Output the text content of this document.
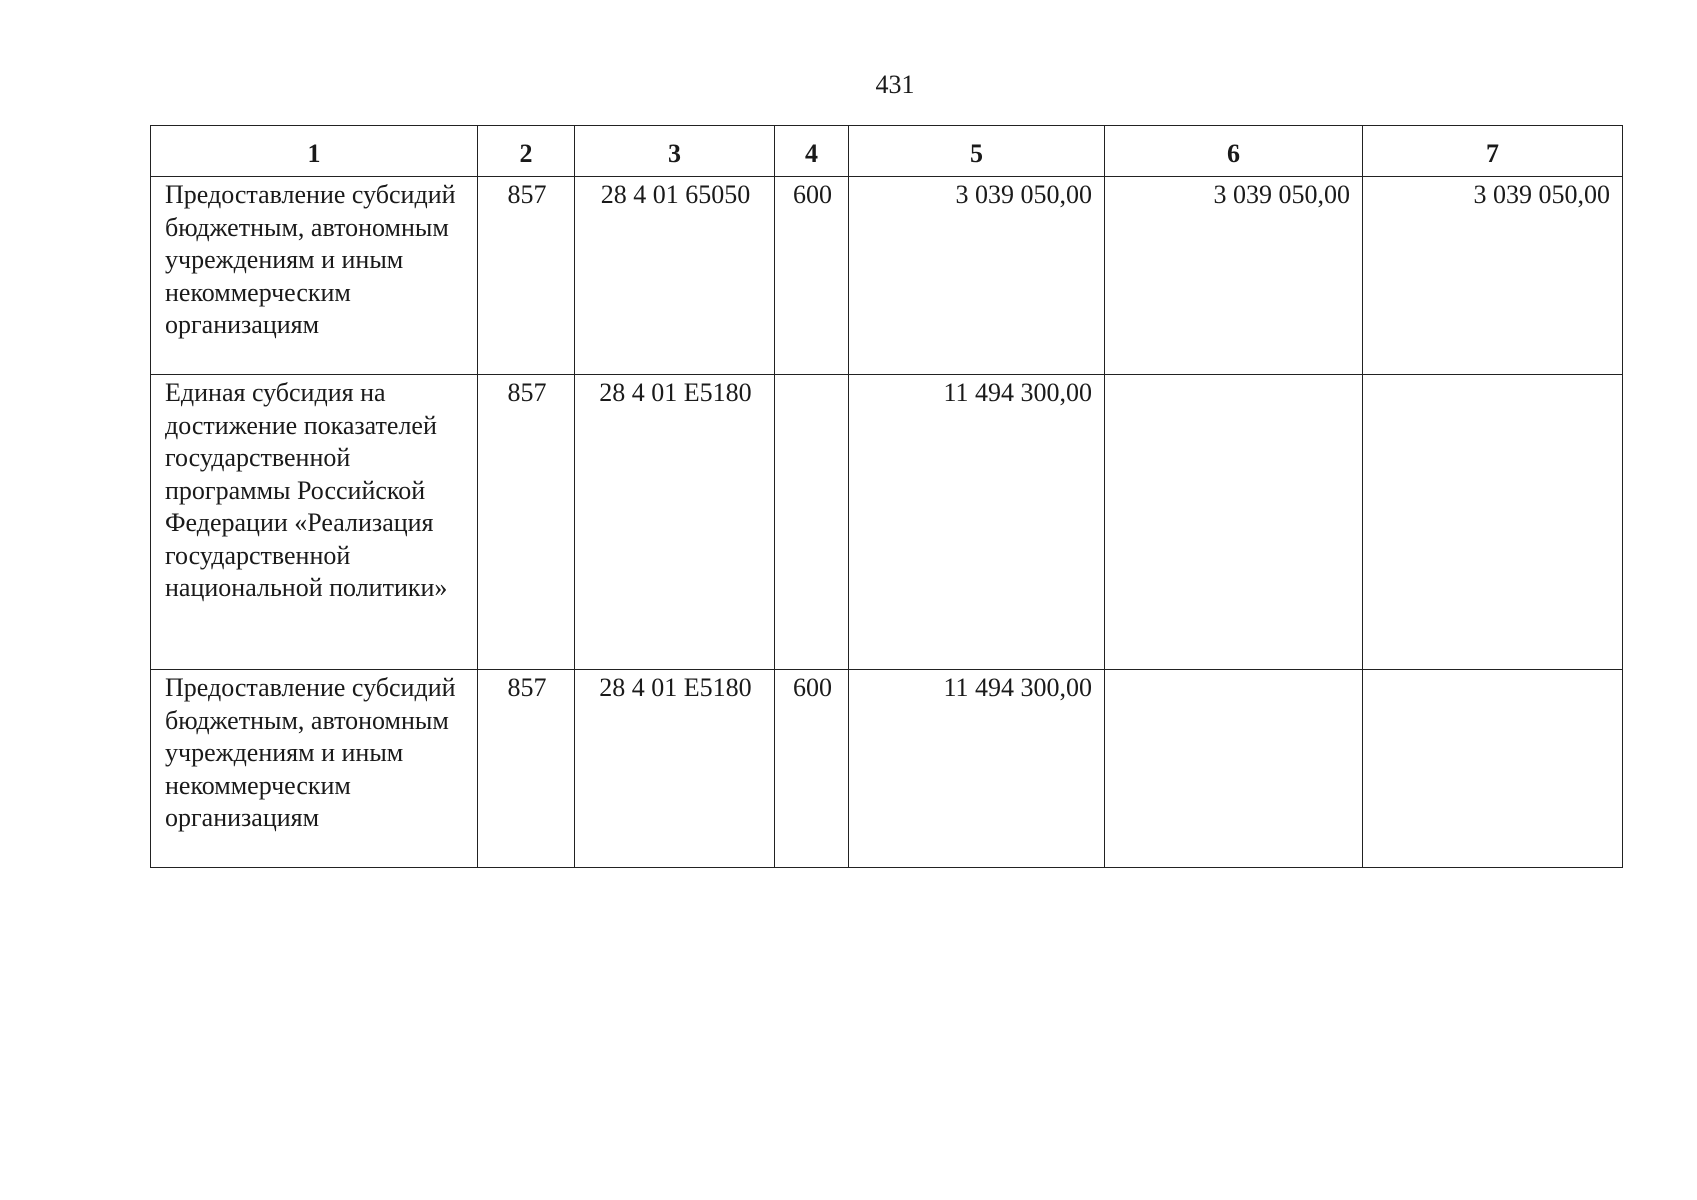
431
1	2	3	4	5	6	7
Предоставление субсидий бюджетным, автономным учреждениям и иным некоммерческим организациям	857	28 4 01 65050	600	3 039 050,00	3 039 050,00	3 039 050,00
Единая субсидия на достижение показателей государственной программы Российской Федерации «Реализация государственной национальной политики»	857	28 4 01 E5180		11 494 300,00		
Предоставление субсидий бюджетным, автономным учреждениям и иным некоммерческим организациям	857	28 4 01 E5180	600	11 494 300,00		
